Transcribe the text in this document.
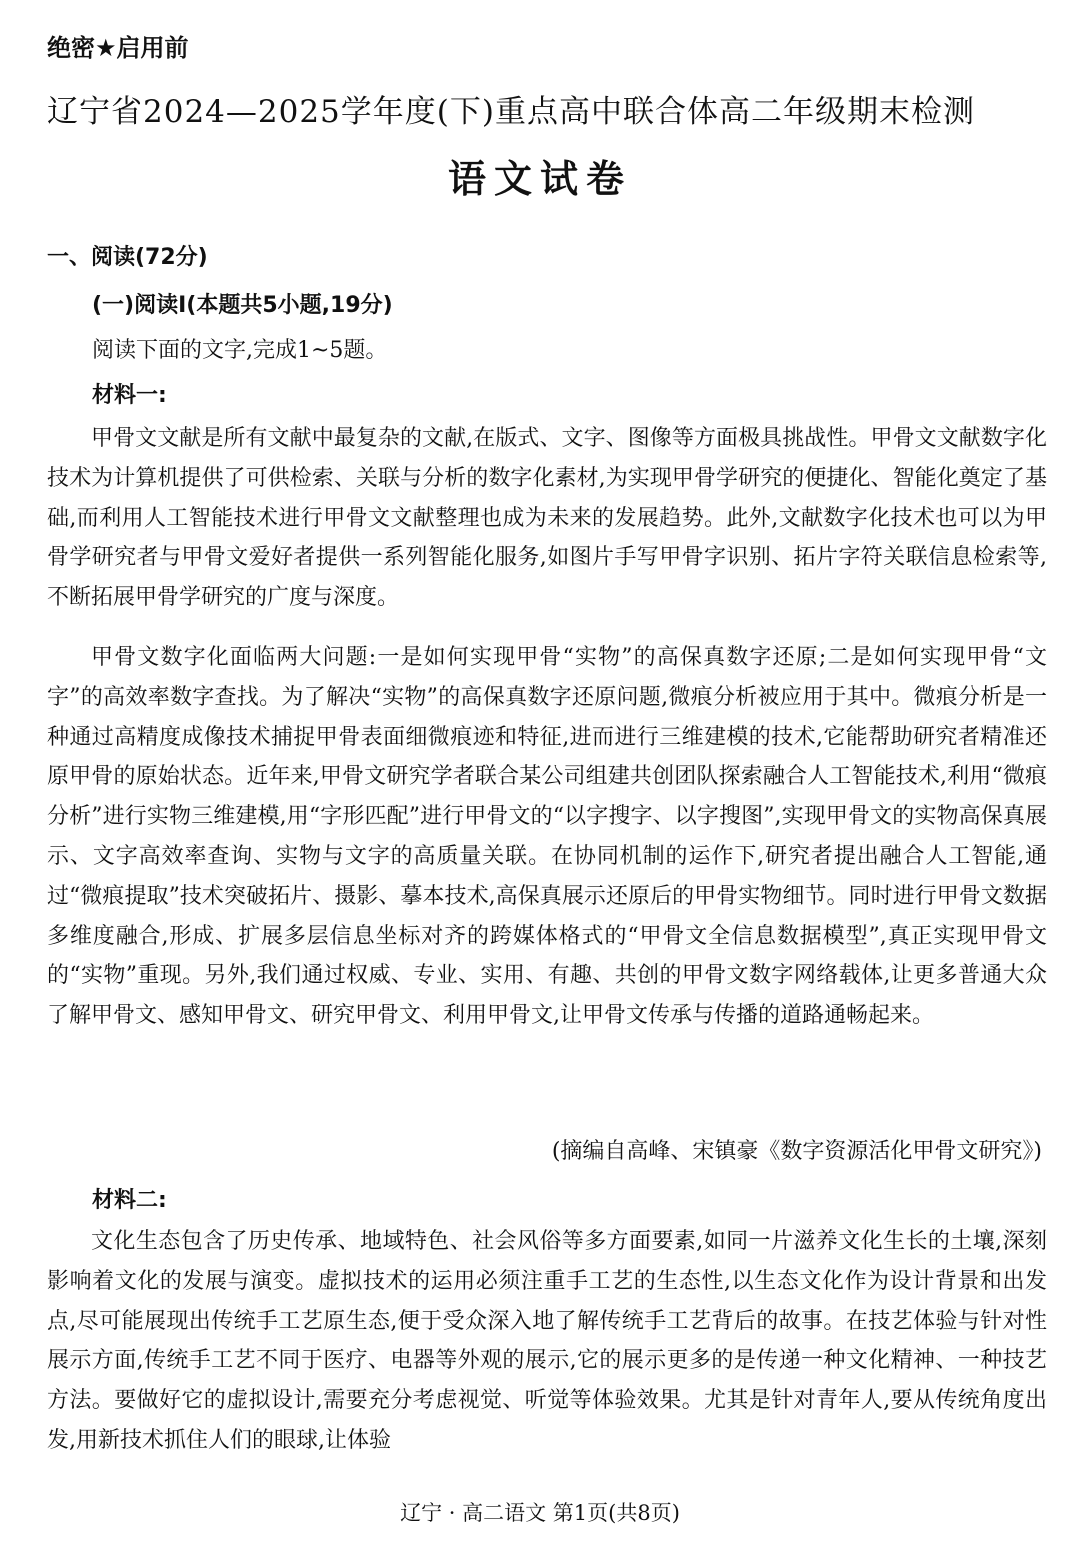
绝密★启用前
辽宁省2024—2025学年度(下)重点高中联合体高二年级期末检测
语文试卷
一、阅读(72分)
(一)阅读Ⅰ(本题共5小题,19分)
阅读下面的文字,完成1~5题。
材料一:

甲骨文文献是所有文献中最复杂的文献,在版式、文字、图像等方面极具挑战性。甲骨文文献数字化技术为计算机提供了可供检索、关联与分析的数字化素材,为实现甲骨学研究的便捷化、智能化奠定了基础,而利用人工智能技术进行甲骨文文献整理也成为未来的发展趋势。此外,文献数字化技术也可以为甲骨学研究者与甲骨文爱好者提供一系列智能化服务,如图片手写甲骨字识别、拓片字符关联信息检索等,不断拓展甲骨学研究的广度与深度。

甲骨文数字化面临两大问题:一是如何实现甲骨“实物”的高保真数字还原;二是如何实现甲骨“文字”的高效率数字查找。为了解决“实物”的高保真数字还原问题,微痕分析被应用于其中。微痕分析是一种通过高精度成像技术捕捉甲骨表面细微痕迹和特征,进而进行三维建模的技术,它能帮助研究者精准还原甲骨的原始状态。近年来,甲骨文研究学者联合某公司组建共创团队探索融合人工智能技术,利用“微痕分析”进行实物三维建模,用“字形匹配”进行甲骨文的“以字搜字、以字搜图”,实现甲骨文的实物高保真展示、文字高效率查询、实物与文字的高质量关联。在协同机制的运作下,研究者提出融合人工智能,通过“微痕提取”技术突破拓片、摄影、摹本技术,高保真展示还原后的甲骨实物细节。同时进行甲骨文数据多维度融合,形成、扩展多层信息坐标对齐的跨媒体格式的“甲骨文全信息数据模型”,真正实现甲骨文的“实物”重现。另外,我们通过权威、专业、实用、有趣、共创的甲骨文数字网络载体,让更多普通大众了解甲骨文、感知甲骨文、研究甲骨文、利用甲骨文,让甲骨文传承与传播的道路通畅起来。

(摘编自高峰、宋镇豪《数字资源活化甲骨文研究》)
材料二:

文化生态包含了历史传承、地域特色、社会风俗等多方面要素,如同一片滋养文化生长的土壤,深刻影响着文化的发展与演变。虚拟技术的运用必须注重手工艺的生态性,以生态文化作为设计背景和出发点,尽可能展现出传统手工艺原生态,便于受众深入地了解传统手工艺背后的故事。在技艺体验与针对性展示方面,传统手工艺不同于医疗、电器等外观的展示,它的展示更多的是传递一种文化精神、一种技艺方法。要做好它的虚拟设计,需要充分考虑视觉、听觉等体验效果。尤其是针对青年人,要从传统角度出发,用新技术抓住人们的眼球,让体验

辽宁 · 高二语文 第1页(共8页)
